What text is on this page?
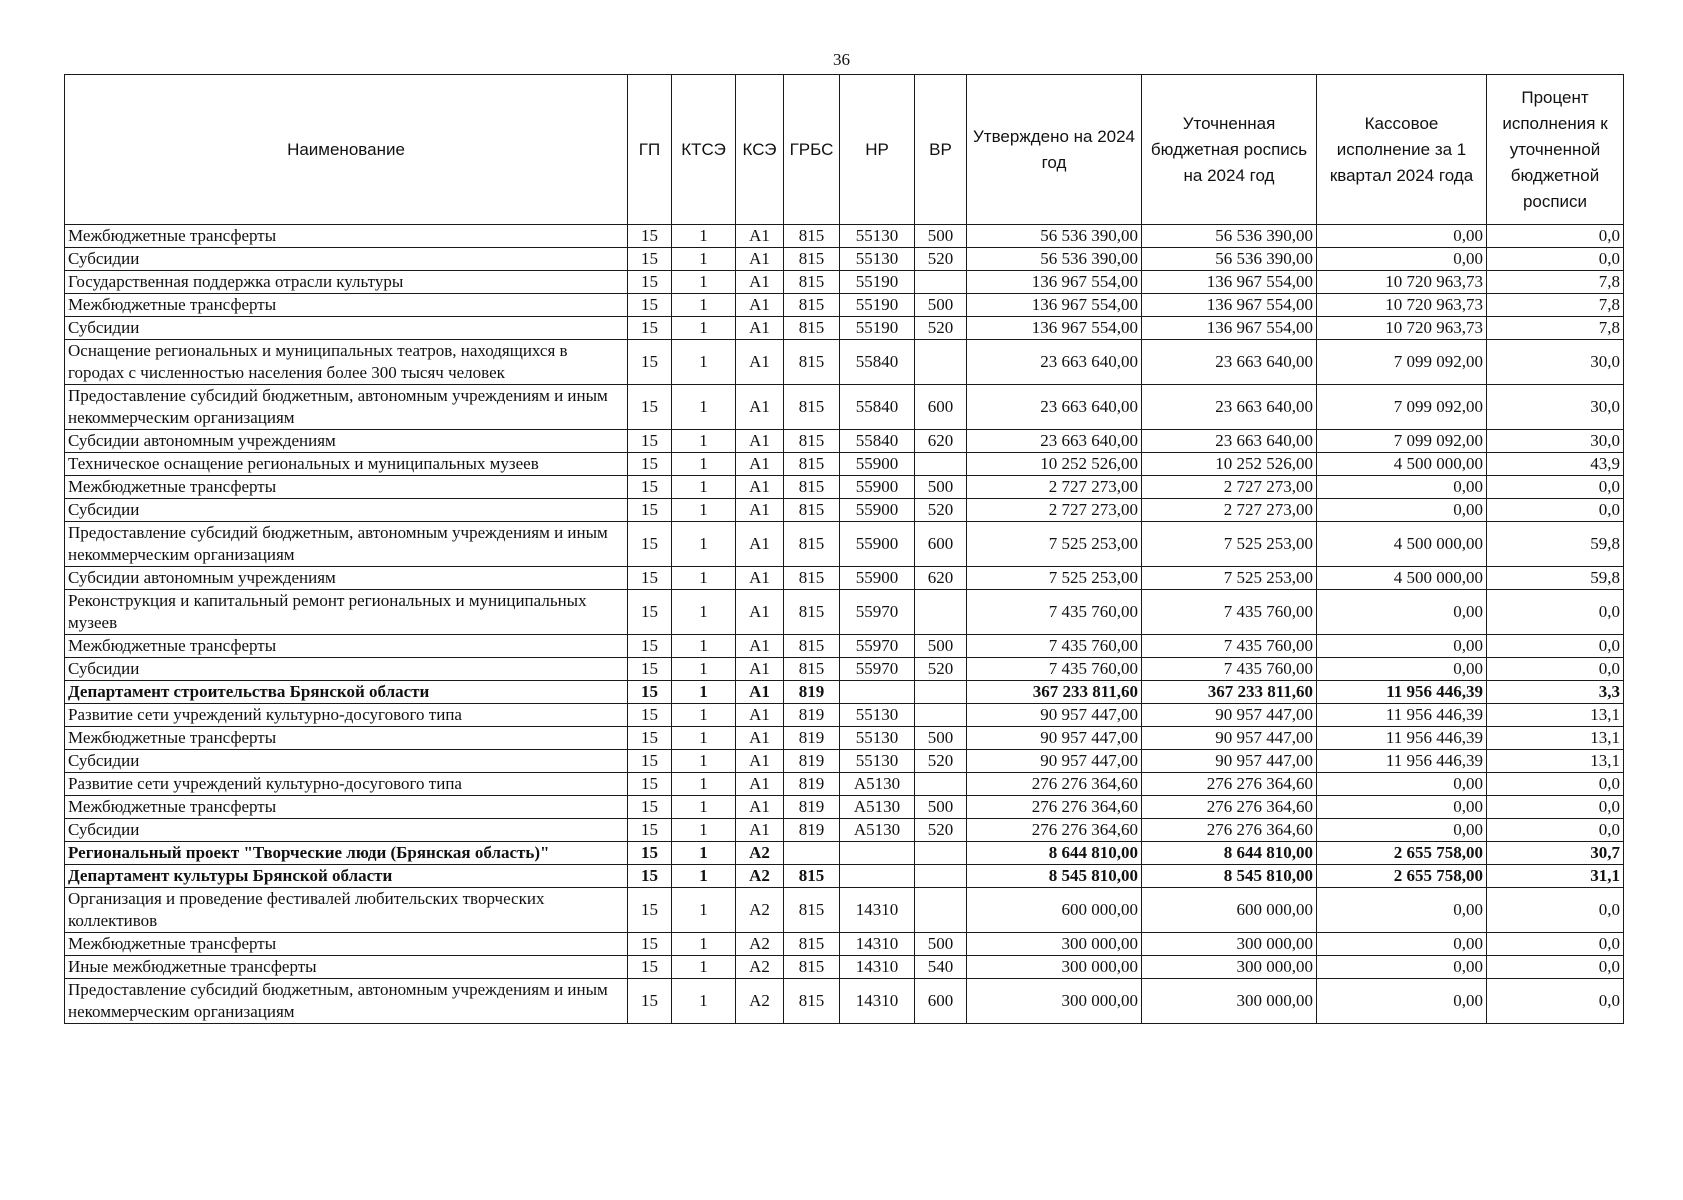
36
Наименование	ГП	КТСЭ	КСЭ	ГРБС	НР	ВР	Утверждено на 2024 год	Уточненная бюджетная роспись на 2024 год	Кассовое исполнение за 1 квартал 2024 года	Процент исполнения к уточненной бюджетной росписи
Межбюджетные трансферты	15	1	А1	815	55130	500	56 536 390,00	56 536 390,00	0,00	0,0
Субсидии	15	1	А1	815	55130	520	56 536 390,00	56 536 390,00	0,00	0,0
Государственная поддержка отрасли культуры	15	1	А1	815	55190		136 967 554,00	136 967 554,00	10 720 963,73	7,8
Межбюджетные трансферты	15	1	А1	815	55190	500	136 967 554,00	136 967 554,00	10 720 963,73	7,8
Субсидии	15	1	А1	815	55190	520	136 967 554,00	136 967 554,00	10 720 963,73	7,8
Оснащение региональных и муниципальных театров, находящихся в городах с численностью населения более 300 тысяч человек	15	1	А1	815	55840		23 663 640,00	23 663 640,00	7 099 092,00	30,0
Предоставление субсидий бюджетным, автономным учреждениям и иным некоммерческим организациям	15	1	А1	815	55840	600	23 663 640,00	23 663 640,00	7 099 092,00	30,0
Субсидии автономным учреждениям	15	1	А1	815	55840	620	23 663 640,00	23 663 640,00	7 099 092,00	30,0
Техническое оснащение региональных и муниципальных музеев	15	1	А1	815	55900		10 252 526,00	10 252 526,00	4 500 000,00	43,9
Межбюджетные трансферты	15	1	А1	815	55900	500	2 727 273,00	2 727 273,00	0,00	0,0
Субсидии	15	1	А1	815	55900	520	2 727 273,00	2 727 273,00	0,00	0,0
Предоставление субсидий бюджетным, автономным учреждениям и иным некоммерческим организациям	15	1	А1	815	55900	600	7 525 253,00	7 525 253,00	4 500 000,00	59,8
Субсидии автономным учреждениям	15	1	А1	815	55900	620	7 525 253,00	7 525 253,00	4 500 000,00	59,8
Реконструкция и капитальный ремонт региональных и муниципальных музеев	15	1	А1	815	55970		7 435 760,00	7 435 760,00	0,00	0,0
Межбюджетные трансферты	15	1	А1	815	55970	500	7 435 760,00	7 435 760,00	0,00	0,0
Субсидии	15	1	А1	815	55970	520	7 435 760,00	7 435 760,00	0,00	0,0
Департамент строительства Брянской области	15	1	А1	819			367 233 811,60	367 233 811,60	11 956 446,39	3,3
Развитие сети учреждений культурно-досугового типа	15	1	А1	819	55130		90 957 447,00	90 957 447,00	11 956 446,39	13,1
Межбюджетные трансферты	15	1	А1	819	55130	500	90 957 447,00	90 957 447,00	11 956 446,39	13,1
Субсидии	15	1	А1	819	55130	520	90 957 447,00	90 957 447,00	11 956 446,39	13,1
Развитие сети учреждений культурно-досугового типа	15	1	А1	819	А5130		276 276 364,60	276 276 364,60	0,00	0,0
Межбюджетные трансферты	15	1	А1	819	А5130	500	276 276 364,60	276 276 364,60	0,00	0,0
Субсидии	15	1	А1	819	А5130	520	276 276 364,60	276 276 364,60	0,00	0,0
Региональный проект "Творческие люди (Брянская область)"	15	1	А2				8 644 810,00	8 644 810,00	2 655 758,00	30,7
Департамент культуры Брянской области	15	1	А2	815			8 545 810,00	8 545 810,00	2 655 758,00	31,1
Организация и проведение фестивалей любительских творческих коллективов	15	1	А2	815	14310		600 000,00	600 000,00	0,00	0,0
Межбюджетные трансферты	15	1	А2	815	14310	500	300 000,00	300 000,00	0,00	0,0
Иные межбюджетные трансферты	15	1	А2	815	14310	540	300 000,00	300 000,00	0,00	0,0
Предоставление субсидий бюджетным, автономным учреждениям и иным некоммерческим организациям	15	1	А2	815	14310	600	300 000,00	300 000,00	0,00	0,0
